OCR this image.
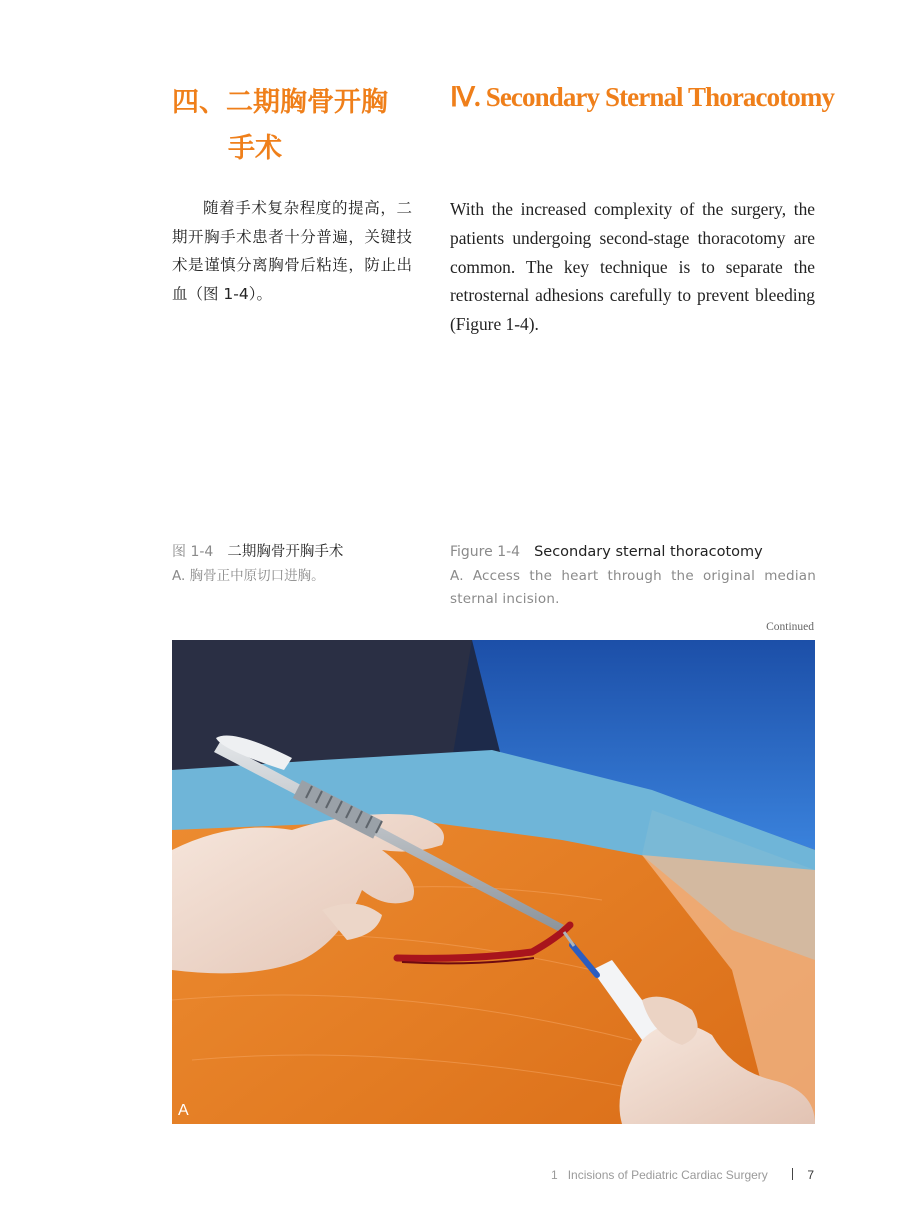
四、二期胸骨开胸
手术
Ⅳ. Secondary Sternal Thoracotomy

随着手术复杂程度的提高，二期开胸手术患者十分普遍，关键技术是谨慎分离胸骨后粘连，防止出血（图 1-4）。

With the increased complexity of the surgery, the patients undergoing second-stage thoracotomy are common. The key technique is to separate the retrosternal adhesions carefully to prevent bleeding (Figure 1-4).

图 1-4 二期胸骨开胸手术
A. 胸骨正中原切口进胸。
Figure 1-4 Secondary sternal thoracotomy
A. Access the heart through the original median sternal incision.
Continued
A
1 Incisions of Pediatric Cardiac Surgery	7
